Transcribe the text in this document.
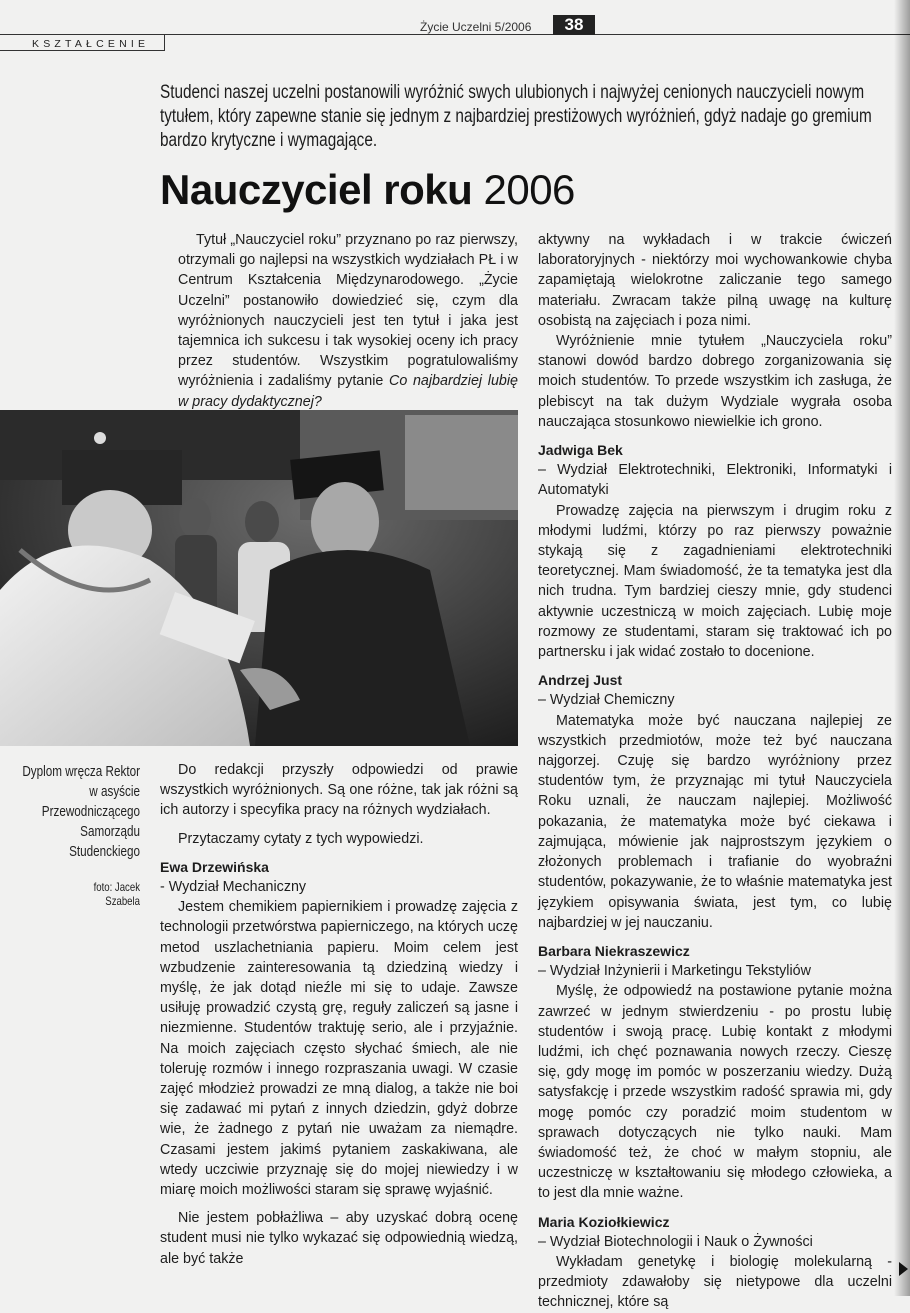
KSZTAŁCENIE
Życie Uczelni 5/2006	38
Studenci naszej uczelni postanowili wyróżnić swych ulubionych i najwyżej cenionych nauczycieli nowym tytułem, który zapewne stanie się jednym z najbardziej prestiżowych wyróżnień, gdyż nadaje go gremium bardzo krytyczne i wymagające.
Nauczyciel roku 2006

Tytuł „Nauczyciel roku” przyznano po raz pierwszy, otrzymali go najlepsi na wszystkich wydziałach PŁ i w Centrum Kształcenia Międzynarodowego. „Życie Uczelni” postanowiło dowiedzieć się, czym dla wyróżnionych nauczycieli jest ten tytuł i jaka jest tajemnica ich sukcesu i tak wysokiej oceny ich pracy przez studentów. Wszystkim pogratulowaliśmy wyróżnienia i zadaliśmy pytanie Co najbardziej lubię w pracy dydaktycznej?

Dyplom wręcza Rektor w asyście Przewodniczącego Samorządu Studenckiego
foto: Jacek Szabela

Do redakcji przyszły odpowiedzi od prawie wszystkich wyróżnionych. Są one różne, tak jak różni są ich autorzy i specyfika pracy na różnych wydziałach.

Przytaczamy cytaty z tych wypowiedzi.

Ewa Drzewińska

- Wydział Mechaniczny

Jestem chemikiem papiernikiem i prowadzę zajęcia z technologii przetwórstwa papierniczego, na których uczę metod uszlachetniania papieru. Moim celem jest wzbudzenie zainteresowania tą dziedziną wiedzy i myślę, że jak dotąd nieźle mi się to udaje. Zawsze usiłuję prowadzić czystą grę, reguły zaliczeń są jasne i niezmienne. Studentów traktuję serio, ale i przyjaźnie. Na moich zajęciach często słychać śmiech, ale nie toleruję rozmów i innego rozpraszania uwagi. W czasie zajęć młodzież prowadzi ze mną dialog, a także nie boi się zadawać mi pytań z innych dziedzin, gdyż dobrze wie, że żadnego z pytań nie uważam za niemądre. Czasami jestem jakimś pytaniem zaskakiwana, ale wtedy uczciwie przyznaję się do mojej niewiedzy i w miarę moich możliwości staram się sprawę wyjaśnić.

Nie jestem pobłażliwa – aby uzyskać dobrą ocenę student musi nie tylko wykazać się odpowiednią wiedzą, ale być także

aktywny na wykładach i w trakcie ćwiczeń laboratoryjnych - niektórzy moi wychowankowie chyba zapamiętają wielokrotne zaliczanie tego samego materiału. Zwracam także pilną uwagę na kulturę osobistą na zajęciach i poza nimi.

Wyróżnienie mnie tytułem „Nauczyciela roku” stanowi dowód bardzo dobrego zorganizowania się moich studentów. To przede wszystkim ich zasługa, że plebiscyt na tak dużym Wydziale wygrała osoba nauczająca stosunkowo niewielkie ich grono.

Jadwiga Bek

– Wydział Elektrotechniki, Elektroniki, Informatyki i Automatyki

Prowadzę zajęcia na pierwszym i drugim roku z młodymi ludźmi, którzy po raz pierwszy poważnie stykają się z zagadnieniami elektrotechniki teoretycznej. Mam świadomość, że ta tematyka jest dla nich trudna. Tym bardziej cieszy mnie, gdy studenci aktywnie uczestniczą w moich zajęciach. Lubię moje rozmowy ze studentami, staram się traktować ich po partnersku i jak widać zostało to docenione.

Andrzej Just

– Wydział Chemiczny

Matematyka może być nauczana najlepiej ze wszystkich przedmiotów, może też być nauczana najgorzej. Czuję się bardzo wyróżniony przez studentów tym, że przyznając mi tytuł Nauczyciela Roku uznali, że nauczam najlepiej. Możliwość pokazania, że matematyka może być ciekawa i zajmująca, mówienie jak najprostszym językiem o złożonych problemach i trafianie do wyobraźni studentów, pokazywanie, że to właśnie matematyka jest językiem opisywania świata, jest tym, co lubię najbardziej w jej nauczaniu.

Barbara Niekraszewicz

– Wydział Inżynierii i Marketingu Tekstyliów

Myślę, że odpowiedź na postawione pytanie można zawrzeć w jednym stwierdzeniu - po prostu lubię studentów i swoją pracę. Lubię kontakt z młodymi ludźmi, ich chęć poznawania nowych rzeczy. Cieszę się, gdy mogę im pomóc w poszerzaniu wiedzy. Dużą satysfakcję i przede wszystkim radość sprawia mi, gdy mogę pomóc czy poradzić moim studentom w sprawach dotyczących nie tylko nauki. Mam świadomość też, że choć w małym stopniu, ale uczestniczę w kształtowaniu się młodego człowieka, a to jest dla mnie ważne.

Maria Koziołkiewicz

– Wydział Biotechnologii i Nauk o Żywności

Wykładam genetykę i biologię molekularną - przedmioty zdawałoby się nietypowe dla uczelni technicznej, które są
